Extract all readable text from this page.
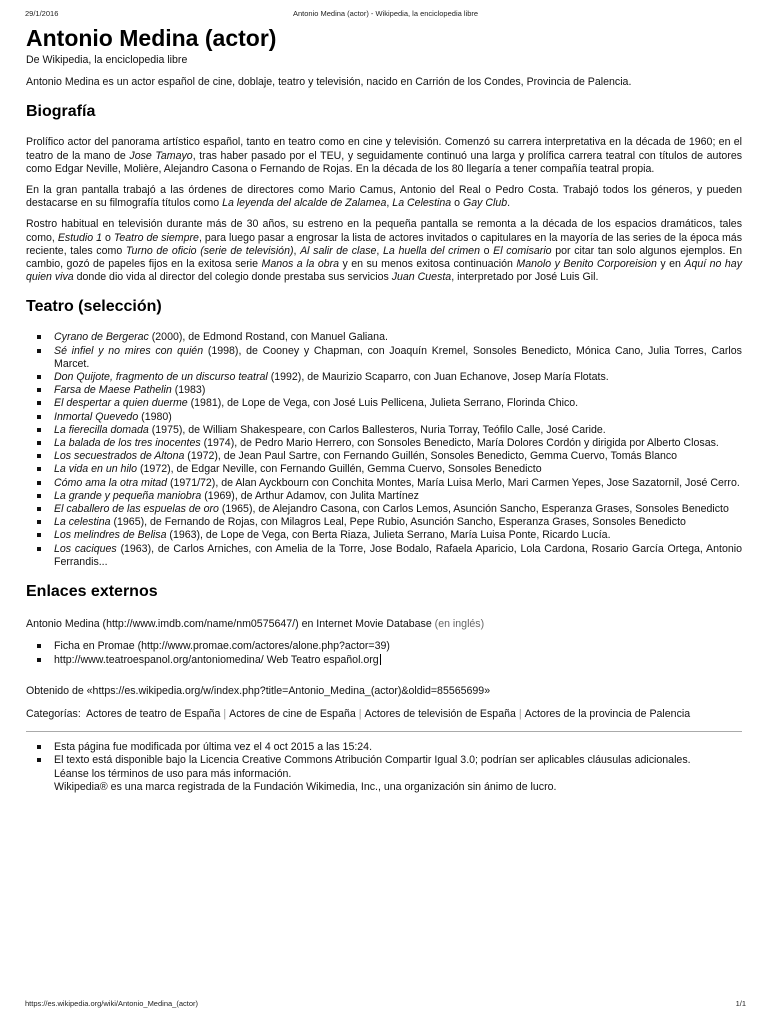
29/1/2016	Antonio Medina (actor) - Wikipedia, la enciclopedia libre
Antonio Medina (actor)
De Wikipedia, la enciclopedia libre

Antonio Medina es un actor español de cine, doblaje, teatro y televisión, nacido en Carrión de los Condes, Provincia de Palencia.

Biografía

Prolífico actor del panorama artístico español, tanto en teatro como en cine y televisión. Comenzó su carrera interpretativa en la década de 1960; en el teatro de la mano de Jose Tamayo, tras haber pasado por el TEU, y seguidamente continuó una larga y prolífica carrera teatral con títulos de autores como Edgar Neville, Molière, Alejandro Casona o Fernando de Rojas. En la década de los 80 llegaría a tener compañía teatral propia.

En la gran pantalla trabajó a las órdenes de directores como Mario Camus, Antonio del Real o Pedro Costa. Trabajó todos los géneros, y pueden destacarse en su filmografía títulos como La leyenda del alcalde de Zalamea, La Celestina o Gay Club.

Rostro habitual en televisión durante más de 30 años, su estreno en la pequeña pantalla se remonta a la década de los espacios dramáticos, tales como, Estudio 1 o Teatro de siempre, para luego pasar a engrosar la lista de actores invitados o capitulares en la mayoría de las series de la época más reciente, tales como Turno de oficio (serie de televisión), Al salir de clase, La huella del crimen o El comisario por citar tan solo algunos ejemplos. En cambio, gozó de papeles fijos en la exitosa serie Manos a la obra y en su menos exitosa continuación Manolo y Benito Corporeision y en Aquí no hay quien viva donde dio vida al director del colegio donde prestaba sus servicios Juan Cuesta, interpretado por José Luis Gil.

Teatro (selección)
Cyrano de Bergerac (2000), de Edmond Rostand, con Manuel Galiana.
Sé infiel y no mires con quién (1998), de Cooney y Chapman, con Joaquín Kremel, Sonsoles Benedicto, Mónica Cano, Julia Torres, Carlos Marcet.
Don Quijote, fragmento de un discurso teatral (1992), de Maurizio Scaparro, con Juan Echanove, Josep María Flotats.
Farsa de Maese Pathelin (1983)
El despertar a quien duerme (1981), de Lope de Vega, con José Luis Pellicena, Julieta Serrano, Florinda Chico.
Inmortal Quevedo (1980)
La fierecilla domada (1975), de William Shakespeare, con Carlos Ballesteros, Nuria Torray, Teófilo Calle, José Caride.
La balada de los tres inocentes (1974), de Pedro Mario Herrero, con Sonsoles Benedicto, María Dolores Cordón y dirigida por Alberto Closas.
Los secuestrados de Altona (1972), de Jean Paul Sartre, con Fernando Guillén, Sonsoles Benedicto, Gemma Cuervo, Tomás Blanco
La vida en un hilo (1972), de Edgar Neville, con Fernando Guillén, Gemma Cuervo, Sonsoles Benedicto
Cómo ama la otra mitad (1971/72), de Alan Ayckbourn con Conchita Montes, María Luisa Merlo, Mari Carmen Yepes, Jose Sazatornil, José Cerro.
La grande y pequeña maniobra (1969), de Arthur Adamov, con Julita Martínez
El caballero de las espuelas de oro (1965), de Alejandro Casona, con Carlos Lemos, Asunción Sancho, Esperanza Grases, Sonsoles Benedicto
La celestina (1965), de Fernando de Rojas, con Milagros Leal, Pepe Rubio, Asunción Sancho, Esperanza Grases, Sonsoles Benedicto
Los melindres de Belisa (1963), de Lope de Vega, con Berta Riaza, Julieta Serrano, María Luisa Ponte, Ricardo Lucía.
Los caciques (1963), de Carlos Arniches, con Amelia de la Torre, Jose Bodalo, Rafaela Aparicio, Lola Cardona, Rosario García Ortega, Antonio Ferrandis...
Enlaces externos

Antonio Medina (http://www.imdb.com/name/nm0575647/) en Internet Movie Database (en inglés)

Ficha en Promae (http://www.promae.com/actores/alone.php?actor=39)
http://www.teatroespanol.org/antoniomedina/ Web Teatro español.org

Obtenido de «https://es.wikipedia.org/w/index.php?title=Antonio_Medina_(actor)&oldid=85565699»

Categorías: Actores de teatro de España | Actores de cine de España | Actores de televisión de España | Actores de la provincia de Palencia
Esta página fue modificada por última vez el 4 oct 2015 a las 15:24.
El texto está disponible bajo la Licencia Creative Commons Atribución Compartir Igual 3.0; podrían ser aplicables cláusulas adicionales.
Léanse los términos de uso para más información.
Wikipedia® es una marca registrada de la Fundación Wikimedia, Inc., una organización sin ánimo de lucro.
https://es.wikipedia.org/wiki/Antonio_Medina_(actor)	1/1
